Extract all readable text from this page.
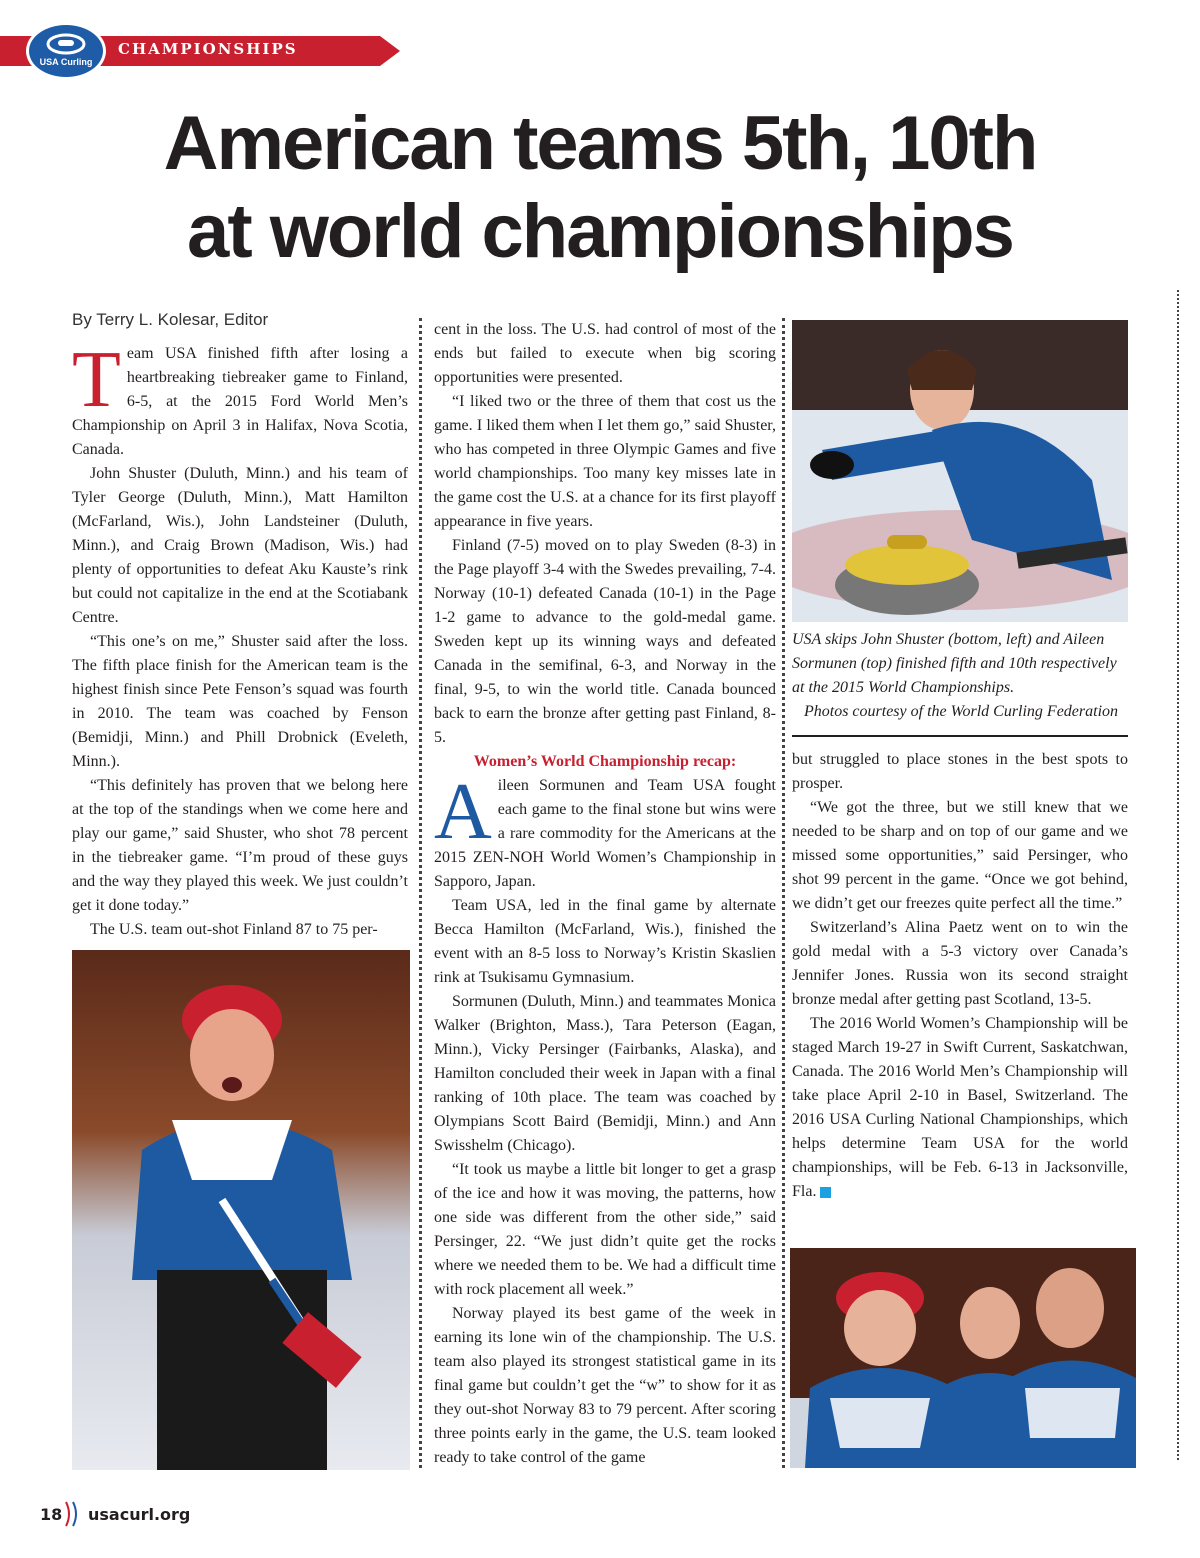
CHAMPIONSHIPS
USA Curling
American teams 5th, 10th
at world championships
By Terry L. Kolesar, Editor

Team USA finished fifth after losing a heartbreaking tiebreaker game to Finland, 6-5, at the 2015 Ford World Men’s Championship on April 3 in Halifax, Nova Scotia, Canada.

John Shuster (Duluth, Minn.) and his team of Tyler George (Duluth, Minn.), Matt Hamilton (McFarland, Wis.), John Landsteiner (Duluth, Minn.), and Craig Brown (Madison, Wis.) had plenty of opportunities to defeat Aku Kauste’s rink but could not capitalize in the end at the Scotiabank Centre.

“This one’s on me,” Shuster said after the loss. The fifth place finish for the American team is the highest finish since Pete Fenson’s squad was fourth in 2010. The team was coached by Fenson (Bemidji, Minn.) and Phill Drobnick (Eveleth, Minn.).

“This definitely has proven that we belong here at the top of the standings when we come here and play our game,” said Shuster, who shot 78 percent in the tiebreaker game. “I’m proud of these guys and the way they played this week. We just couldn’t get it done today.”

The U.S. team out-shot Finland 87 to 75 per-

cent in the loss. The U.S. had control of most of the ends but failed to execute when big scoring opportunities were presented.

“I liked two or the three of them that cost us the game. I liked them when I let them go,” said Shuster, who has competed in three Olympic Games and five world championships. Too many key misses late in the game cost the U.S. at a chance for its first playoff appearance in five years.

Finland (7-5) moved on to play Sweden (8-3) in the Page playoff 3-4 with the Swedes prevailing, 7-4. Norway (10-1) defeated Canada (10-1) in the Page 1-2 game to advance to the gold-medal game. Sweden kept up its winning ways and defeated Canada in the semifinal, 6-3, and Norway in the final, 9-5, to win the world title. Canada bounced back to earn the bronze after getting past Finland, 8-5.

Women’s World Championship recap:

Aileen Sormunen and Team USA fought each game to the final stone but wins were a rare commodity for the Americans at the 2015 ZEN-NOH World Women’s Championship in Sapporo, Japan.

Team USA, led in the final game by alternate Becca Hamilton (McFarland, Wis.), finished the event with an 8-5 loss to Norway’s Kristin Skaslien rink at Tsukisamu Gymnasium.

Sormunen (Duluth, Minn.) and teammates Monica Walker (Brighton, Mass.), Tara Peterson (Eagan, Minn.), Vicky Persinger (Fairbanks, Alaska), and Hamilton concluded their week in Japan with a final ranking of 10th place. The team was coached by Olympians Scott Baird (Bemidji, Minn.) and Ann Swisshelm (Chicago).

“It took us maybe a little bit longer to get a grasp of the ice and how it was moving, the patterns, how one side was different from the other side,” said Persinger, 22. “We just didn’t quite get the rocks where we needed them to be. We had a difficult time with rock placement all week.”

Norway played its best game of the week in earning its lone win of the championship. The U.S. team also played its strongest statistical game in its final game but couldn’t get the “w” to show for it as they out-shot Norway 83 to 79 percent. After scoring three points early in the game, the U.S. team looked ready to take control of the game

USA skips John Shuster (bottom, left) and Aileen Sormunen (top) finished fifth and 10th respectively at the 2015 World Championships.

Photos courtesy of the World Curling Federation

but struggled to place stones in the best spots to prosper.

“We got the three, but we still knew that we needed to be sharp and on top of our game and we missed some opportunities,” said Persinger, who shot 99 percent in the game. “Once we got behind, we didn’t get our freezes quite perfect all the time.”

Switzerland’s Alina Paetz went on to win the gold medal with a 5-3 victory over Canada’s Jennifer Jones. Russia won its second straight bronze medal after getting past Scotland, 13-5.

The 2016 World Women’s Championship will be staged March 19-27 in Swift Current, Saskatchwan, Canada. The 2016 World Men’s Championship will take place April 2-10 in Basel, Switzerland. The 2016 USA Curling National Championships, which helps determine Team USA for the world championships, will be Feb. 6-13 in Jacksonville, Fla.

18 usacurl.org
